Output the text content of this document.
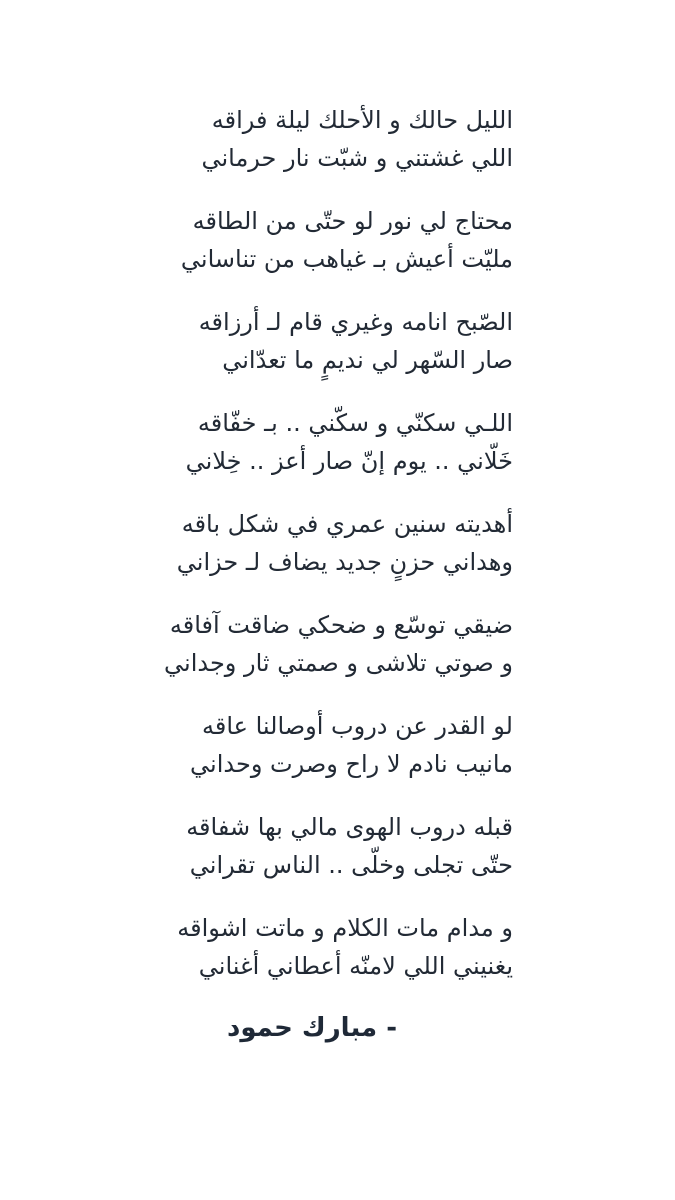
الليل حالك و الأحلك ليلة فراقه
اللي غشتني و شبّت نار حرماني
محتاج لي نور لو حتّى من الطاقه
مليّت أعيش بـ غياهب من تناساني
الصّبح انامه وغيري قام لـ أرزاقه
صار السّهر لي نديمٍ ما تعدّاني
اللـي سكنّي و سكّني .. بـ خفّاقه
خَلّاني .. يوم إنّ صار أعز .. خِلاني
أهديته سنين عمري في شكل باقه
وهداني حزنٍ جديد يضاف لـ حزاني
ضيقي توسّع و ضحكي ضاقت آفاقه
و صوتي تلاشى و صمتي ثار وجداني
لو القدر عن دروب أوصالنا عاقه
مانيب نادم لا راح وصرت وحداني
قبله دروب الهوى مالي بها شفاقه
حتّى تجلى وخلّى .. الناس تقراني
و مدام مات الكلام و ماتت اشواقه
يغنيني اللي لامنّه أعطاني أغناني
- مبارك حمود
